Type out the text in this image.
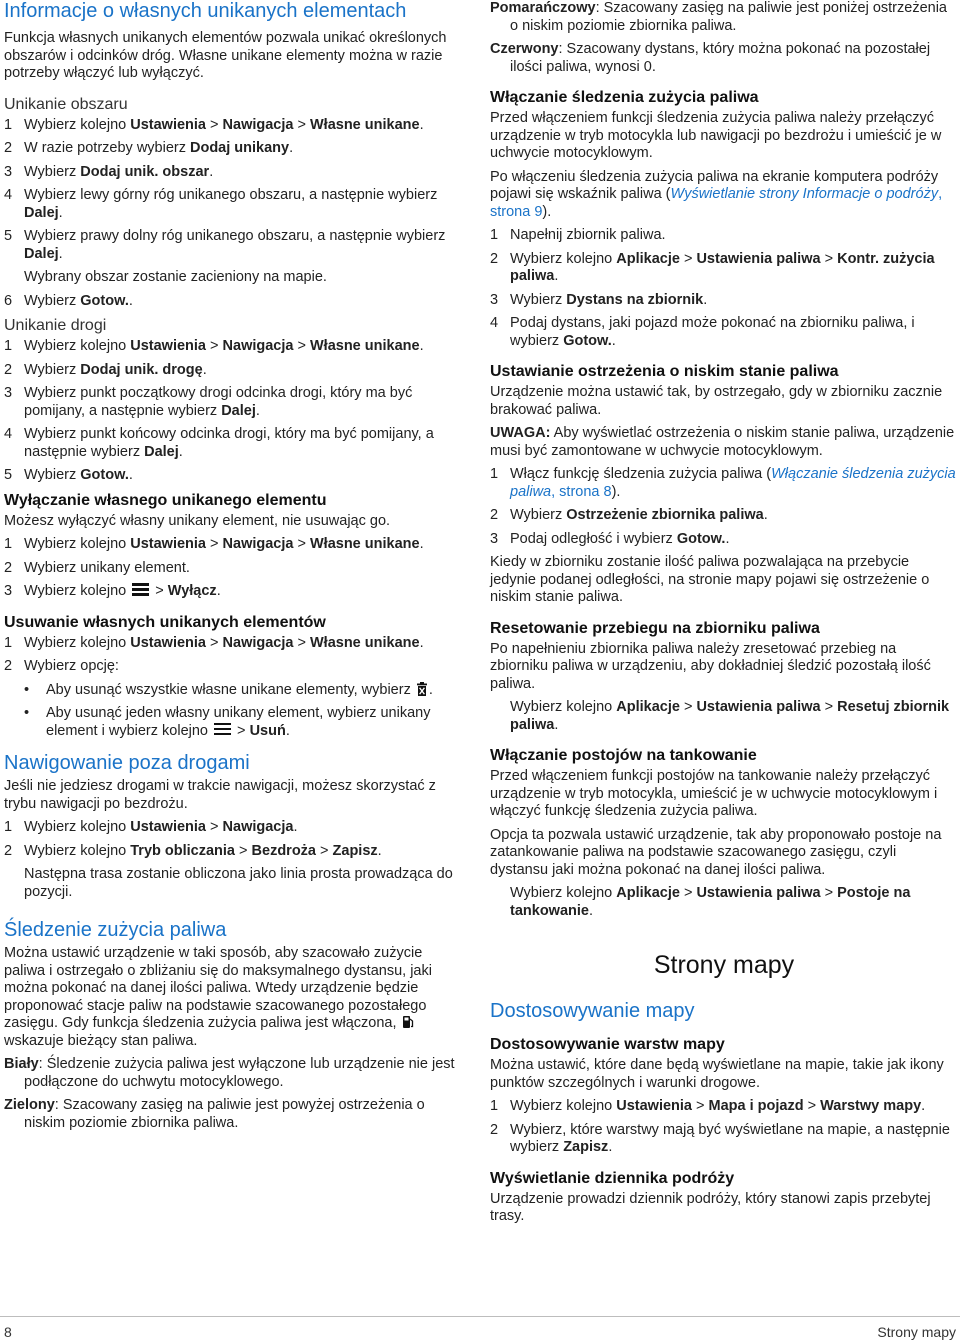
Informacje o własnych unikanych elementach

Funkcja własnych unikanych elementów pozwala unikać określonych obszarów i odcinków dróg. Własne unikane elementy można w razie potrzeby włączyć lub wyłączyć.

Unikanie obszaru
1 Wybierz kolejno Ustawienia > Nawigacja > Własne unikane.
2 W razie potrzeby wybierz Dodaj unikany.
3 Wybierz Dodaj unik. obszar.
4 Wybierz lewy górny róg unikanego obszaru, a następnie wybierz Dalej.
5 Wybierz prawy dolny róg unikanego obszaru, a następnie wybierz Dalej.

Wybrany obszar zostanie zacieniony na mapie.

6 Wybierz Gotow..
Unikanie drogi
1 Wybierz kolejno Ustawienia > Nawigacja > Własne unikane.
2 Wybierz Dodaj unik. drogę.
3 Wybierz punkt początkowy drogi odcinka drogi, który ma być pomijany, a następnie wybierz Dalej.
4 Wybierz punkt końcowy odcinka drogi, który ma być pomijany, a następnie wybierz Dalej.
5 Wybierz Gotow..
Wyłączanie własnego unikanego elementu

Możesz wyłączyć własny unikany element, nie usuwając go.

1 Wybierz kolejno Ustawienia > Nawigacja > Własne unikane.
2 Wybierz unikany element.
3 Wybierz kolejno
> Wyłącz.
Usuwanie własnych unikanych elementów
1 Wybierz kolejno Ustawienia > Nawigacja > Własne unikane.
2 Wybierz opcję:
•	Aby usunąć wszystkie własne unikane elementy, wybierz .
•	Aby usunąć jeden własny unikany element, wybierz unikany element i wybierz kolejno
> Usuń.
Nawigowanie poza drogami

Jeśli nie jedziesz drogami w trakcie nawigacji, możesz skorzystać z trybu nawigacji po bezdrożu.

1 Wybierz kolejno Ustawienia > Nawigacja.
2 Wybierz kolejno Tryb obliczania > Bezdroża > Zapisz.

Następna trasa zostanie obliczona jako linia prosta prowadząca do pozycji.

Śledzenie zużycia paliwa

Można ustawić urządzenie w taki sposób, aby szacowało zużycie paliwa i ostrzegało o zbliżaniu się do maksymalnego dystansu, jaki można pokonać na danej ilości paliwa. Wtedy urządzenie będzie proponować stacje paliw na podstawie szacowanego pozostałego zasięgu. Gdy funkcja śledzenia zużycia paliwa jest włączona,  wskazuje bieżący stan paliwa.

Biały: Śledzenie zużycia paliwa jest wyłączone lub urządzenie nie jest podłączone do uchwytu motocyklowego.

Zielony: Szacowany zasięg na paliwie jest powyżej ostrzeżenia o niskim poziomie zbiornika paliwa.

Pomarańczowy: Szacowany zasięg na paliwie jest poniżej ostrzeżenia o niskim poziomie zbiornika paliwa.

Czerwony: Szacowany dystans, który można pokonać na pozostałej ilości paliwa, wynosi 0.

Włączanie śledzenia zużycia paliwa

Przed włączeniem funkcji śledzenia zużycia paliwa należy przełączyć urządzenie w tryb motocykla lub nawigacji po bezdrożu i umieścić je w uchwycie motocyklowym.

Po włączeniu śledzenia zużycia paliwa na ekranie komputera podróży pojawi się wskaźnik paliwa (Wyświetlanie strony Informacje o podróży, strona 9).

1 Napełnij zbiornik paliwa.
2 Wybierz kolejno Aplikacje > Ustawienia paliwa > Kontr. zużycia paliwa.
3 Wybierz Dystans na zbiornik.
4 Podaj dystans, jaki pojazd może pokonać na zbiorniku paliwa, i wybierz Gotow..
Ustawianie ostrzeżenia o niskim stanie paliwa

Urządzenie można ustawić tak, by ostrzegało, gdy w zbiorniku zacznie brakować paliwa.

UWAGA: Aby wyświetlać ostrzeżenia o niskim stanie paliwa, urządzenie musi być zamontowane w uchwycie motocyklowym.

1 Włącz funkcję śledzenia zużycia paliwa (Włączanie śledzenia zużycia paliwa, strona 8).
2 Wybierz Ostrzeżenie zbiornika paliwa.
3 Podaj odległość i wybierz Gotow..

Kiedy w zbiorniku zostanie ilość paliwa pozwalająca na przebycie jedynie podanej odległości, na stronie mapy pojawi się ostrzeżenie o niskim stanie paliwa.

Resetowanie przebiegu na zbiorniku paliwa

Po napełnieniu zbiornika paliwa należy zresetować przebieg na zbiorniku paliwa w urządzeniu, aby dokładniej śledzić pozostałą ilość paliwa.

Wybierz kolejno Aplikacje > Ustawienia paliwa > Resetuj zbiornik paliwa.

Włączanie postojów na tankowanie

Przed włączeniem funkcji postojów na tankowanie należy przełączyć urządzenie w tryb motocykla, umieścić je w uchwycie motocyklowym i włączyć funkcję śledzenia zużycia paliwa.

Opcja ta pozwala ustawić urządzenie, tak aby proponowało postoje na zatankowanie paliwa na podstawie szacowanego zasięgu, czyli dystansu jaki można pokonać na danej ilości paliwa.

Wybierz kolejno Aplikacje > Ustawienia paliwa > Postoje na tankowanie.

Strony mapy
Dostosowywanie mapy
Dostosowywanie warstw mapy

Można ustawić, które dane będą wyświetlane na mapie, takie jak ikony punktów szczególnych i warunki drogowe.

1 Wybierz kolejno Ustawienia > Mapa i pojazd > Warstwy mapy.
2 Wybierz, które warstwy mają być wyświetlane na mapie, a następnie wybierz Zapisz.
Wyświetlanie dziennika podróży

Urządzenie prowadzi dziennik podróży, który stanowi zapis przebytej trasy.

8	Strony mapy
